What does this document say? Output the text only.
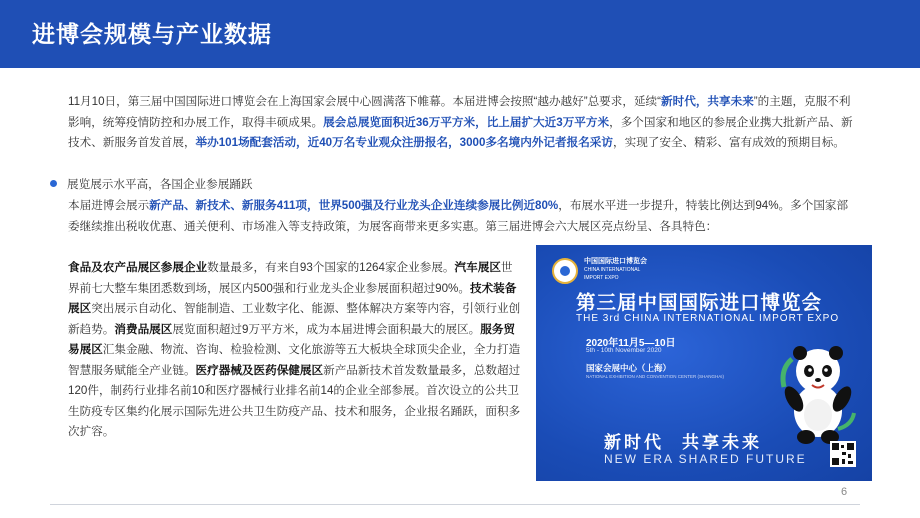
进博会规模与产业数据
11月10日，第三届中国国际进口博览会在上海国家会展中心圆满落下帷幕。本届进博会按照“越办越好”总要求，延续“新时代，共享未来”的主题，克服不利影响，统筹疫情防控和办展工作，取得丰硕成果。展会总展览面积近36万平方米，比上届扩大近3万平方米，多个国家和地区的参展企业携大批新产品、新技术、新服务首发首展，举办101场配套活动，近40万名专业观众注册报名，3000多名境内外记者报名采访，实现了安全、精彩、富有成效的预期目标。
展览展示水平高，各国企业参展踊跃
本届进博会展示新产品、新技术、新服务411项，世界500强及行业龙头企业连续参展比例近80%，布展水平进一步提升，特装比例达到94%。多个国家部委继续推出税收优惠、通关便利、市场准入等支持政策，为展客商带来更多实惠。第三届进博会六大展区亮点纷呈、各具特色：
食品及农产品展区参展企业数量最多，有来自93个国家的1264家企业参展。汽车展区世界前七大整车集团悉数到场，展区内500强和行业龙头企业参展面积超过90%。技术装备展区突出展示自动化、智能制造、工业数字化、能源、整体解决方案等内容，引领行业创新趋势。消费品展区展览面积超过9万平方米，成为本届进博会面积最大的展区。服务贸易展区汇集金融、物流、咨询、检验检测、文化旅游等五大板块全球顶尖企业，全力打造智慧服务赋能全产业链。医疗器械及医药保健展区新产品新技术首发数量最多，总数超过120件，制药行业排名前10和医疗器械行业排名前14的企业全部参展。首次设立的公共卫生防疫专区集约化展示国际先进公共卫生防疫产品、技术和服务，企业报名踊跃，面积多次扩容。
中国国际进口博览会
CHINA INTERNATIONAL
IMPORT EXPO
第三届中国国际进口博览会
THE 3rd CHINA INTERNATIONAL IMPORT EXPO
2020年11月5—10日
5th - 10th November 2020
国家会展中心（上海）
NATIONAL EXHIBITION AND CONVENTION CENTER (SHANGHAI)
新时代 共享未来
NEW ERA SHARED FUTURE
6
